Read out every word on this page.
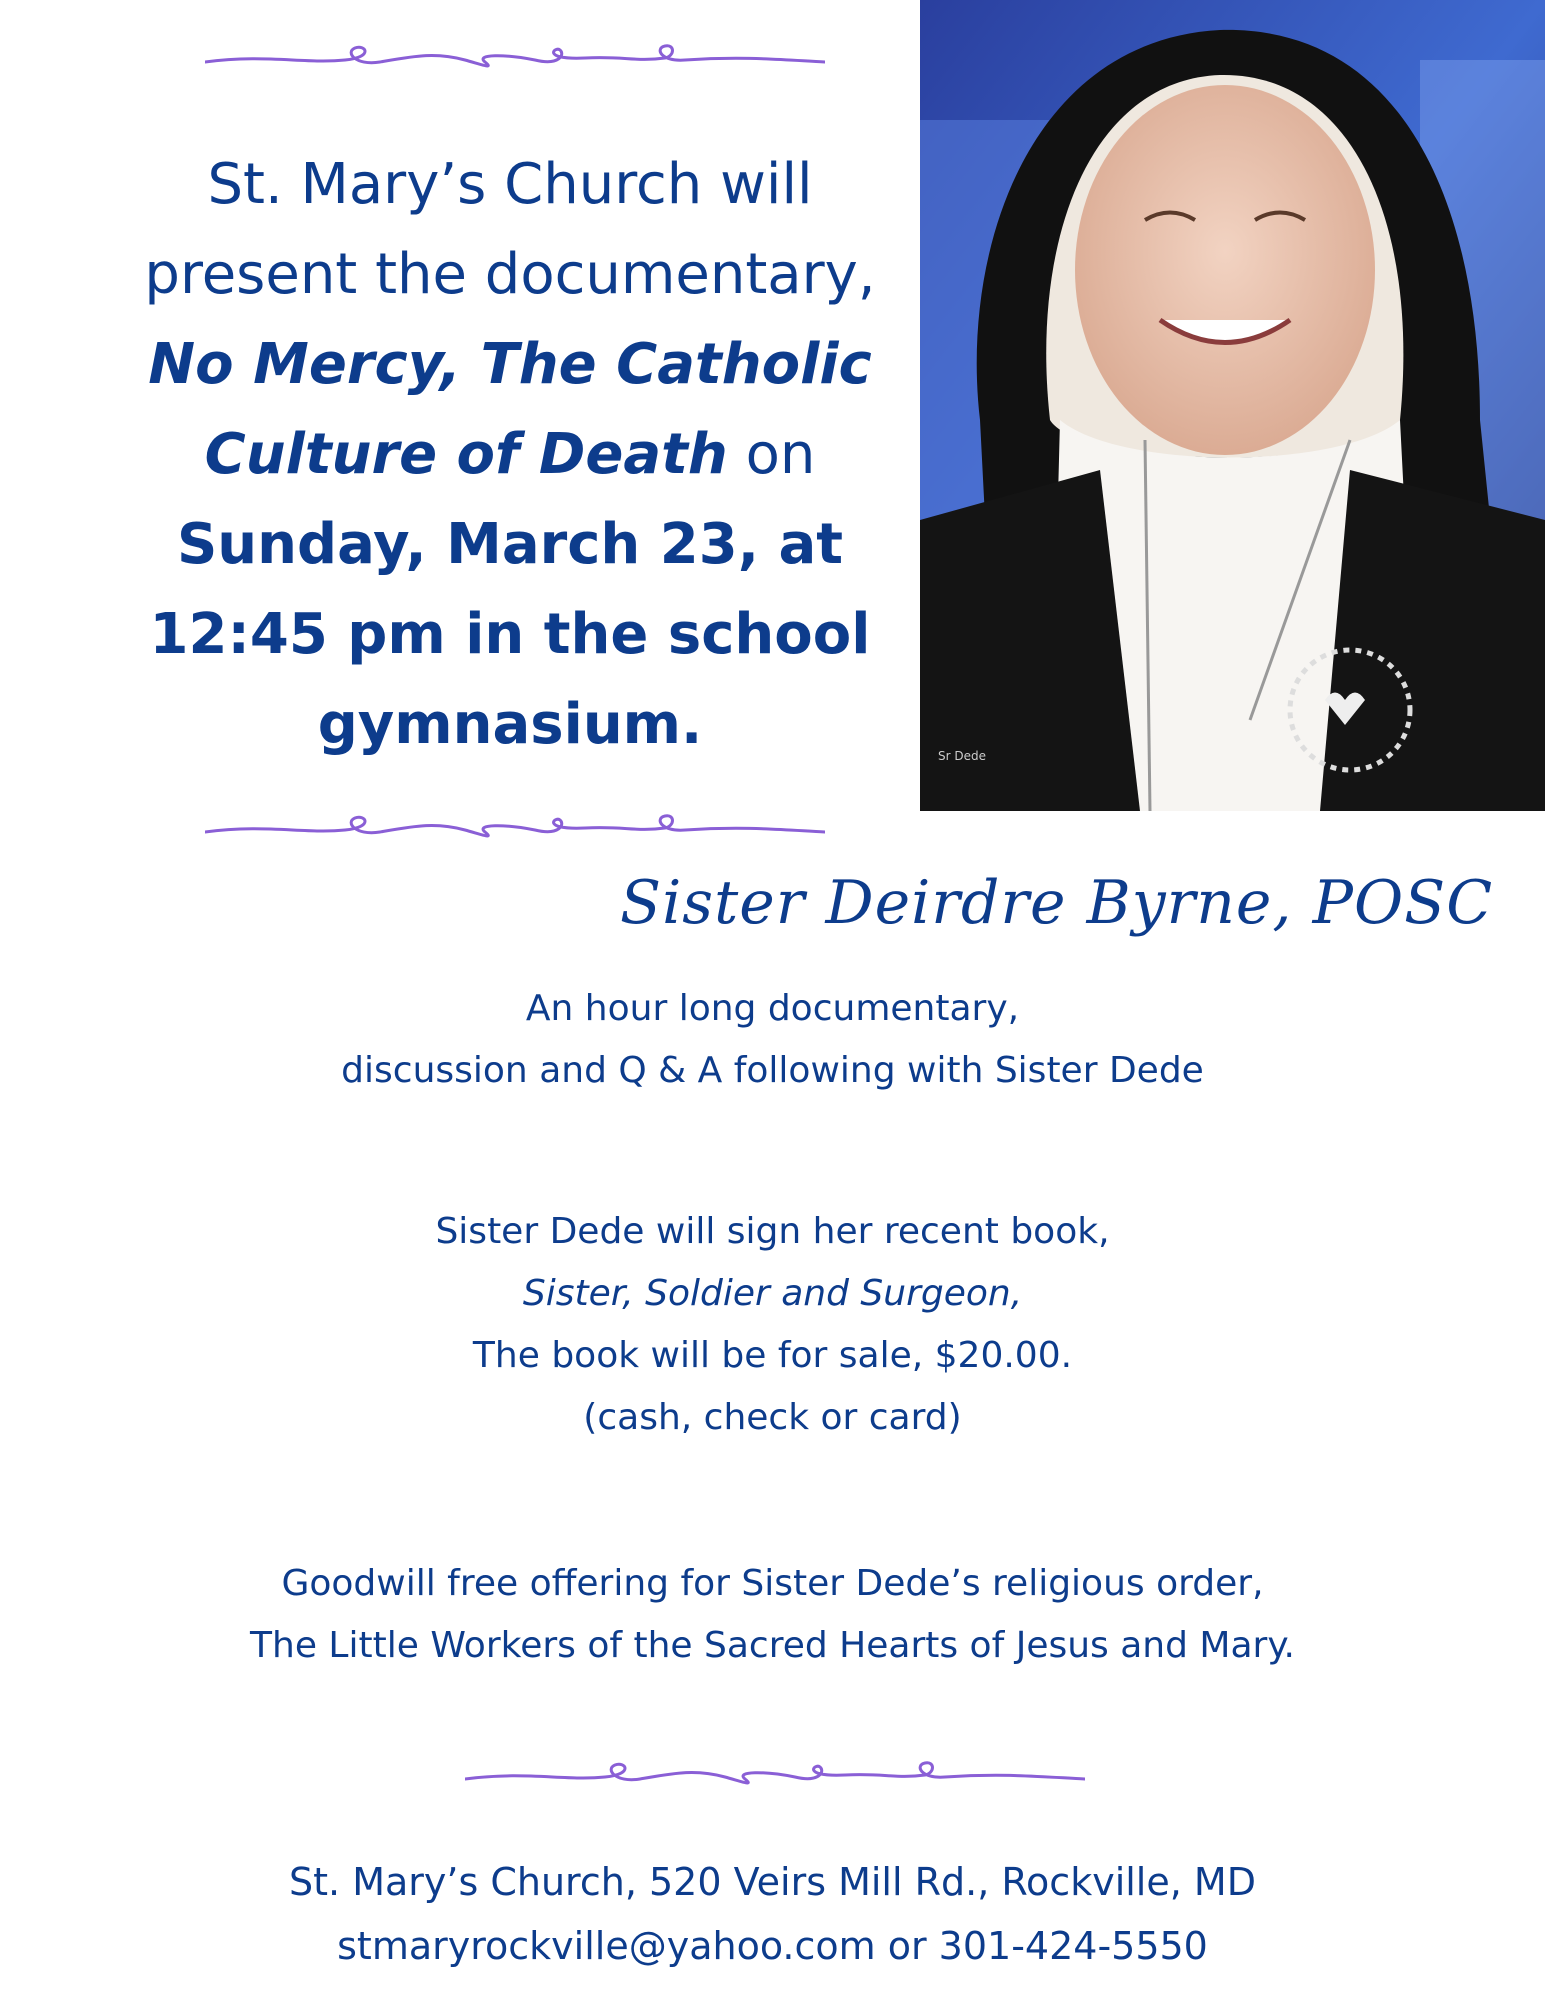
St. Mary’s Church will
present the documentary,
No Mercy, The Catholic
Culture of Death on
Sunday, March 23, at
12:45 pm in the school
gymnasium.	Sr Dede
Sister Deirdre Byrne, POSC
An hour long documentary,
discussion and Q & A following with Sister Dede
Sister Dede will sign her recent book,
Sister, Soldier and Surgeon,
The book will be for sale, $20.00.
(cash, check or card)
Goodwill free offering for Sister Dede’s religious order,
The Little Workers of the Sacred Hearts of Jesus and Mary.
St. Mary’s Church, 520 Veirs Mill Rd., Rockville, MD
stmaryrockville@yahoo.com or 301-424-5550
